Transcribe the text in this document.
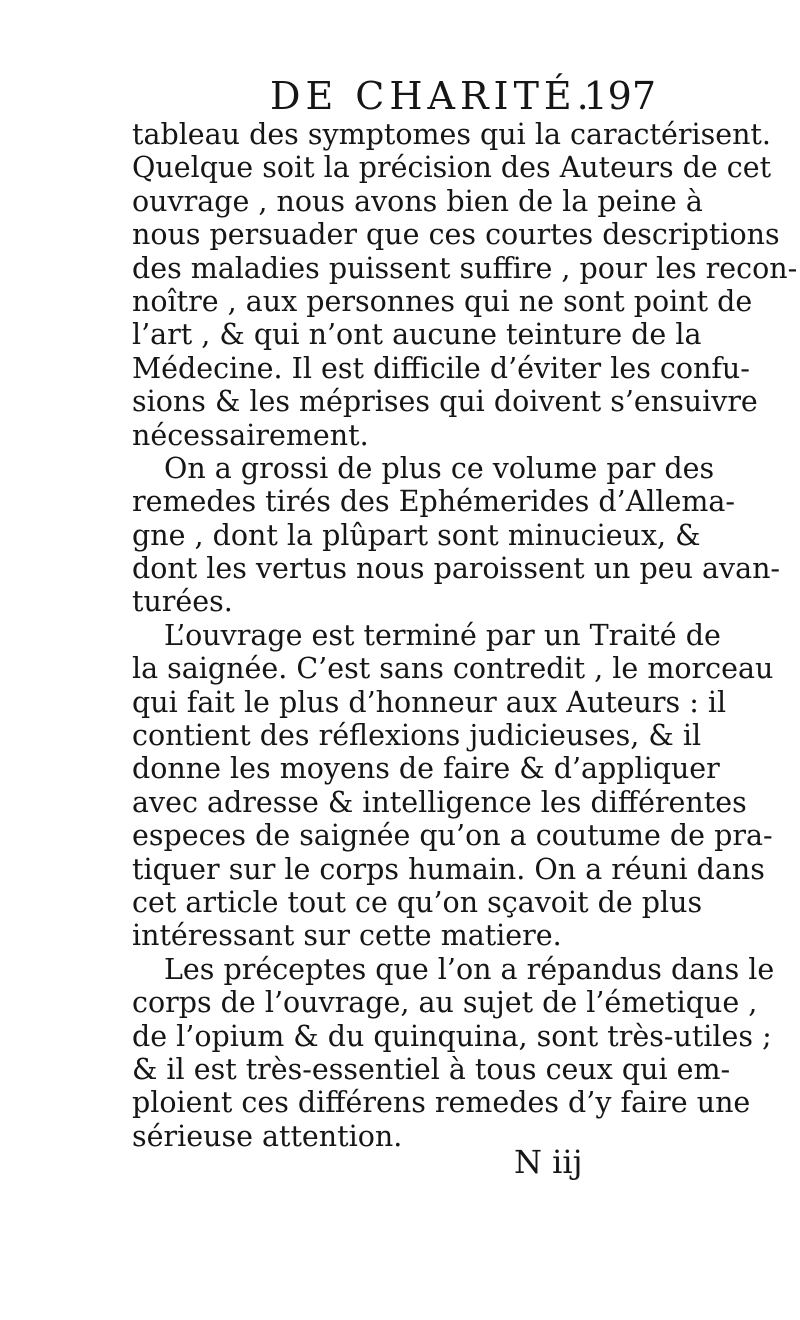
DE CHARITÉ.
197
tableau des symptomes qui la caractérisent.
Quelque soit la précision des Auteurs de cet
ouvrage , nous avons bien de la peine à
nous persuader que ces courtes descriptions
des maladies puissent suffire , pour les recon-
noître , aux personnes qui ne sont point de
l’art , & qui n’ont aucune teinture de la
Médecine. Il est difficile d’éviter les confu-
sions & les méprises qui doivent s’ensuivre
nécessairement.
On a grossi de plus ce volume par des
remedes tirés des Ephémerides d’Allema-
gne , dont la plûpart sont minucieux, &
dont les vertus nous paroissent un peu avan-
turées.
L’ouvrage est terminé par un Traité de
la saignée. C’est sans contredit , le morceau
qui fait le plus d’honneur aux Auteurs : il
contient des réflexions judicieuses, & il
donne les moyens de faire & d’appliquer
avec adresse & intelligence les différentes
especes de saignée qu’on a coutume de pra-
tiquer sur le corps humain. On a réuni dans
cet article tout ce qu’on sçavoit de plus
intéressant sur cette matiere.
Les préceptes que l’on a répandus dans le
corps de l’ouvrage, au sujet de l’émetique ,
de l’opium & du quinquina, sont très-utiles ;
& il est très-essentiel à tous ceux qui em-
ploient ces différens remedes d’y faire une
sérieuse attention.
N iij
